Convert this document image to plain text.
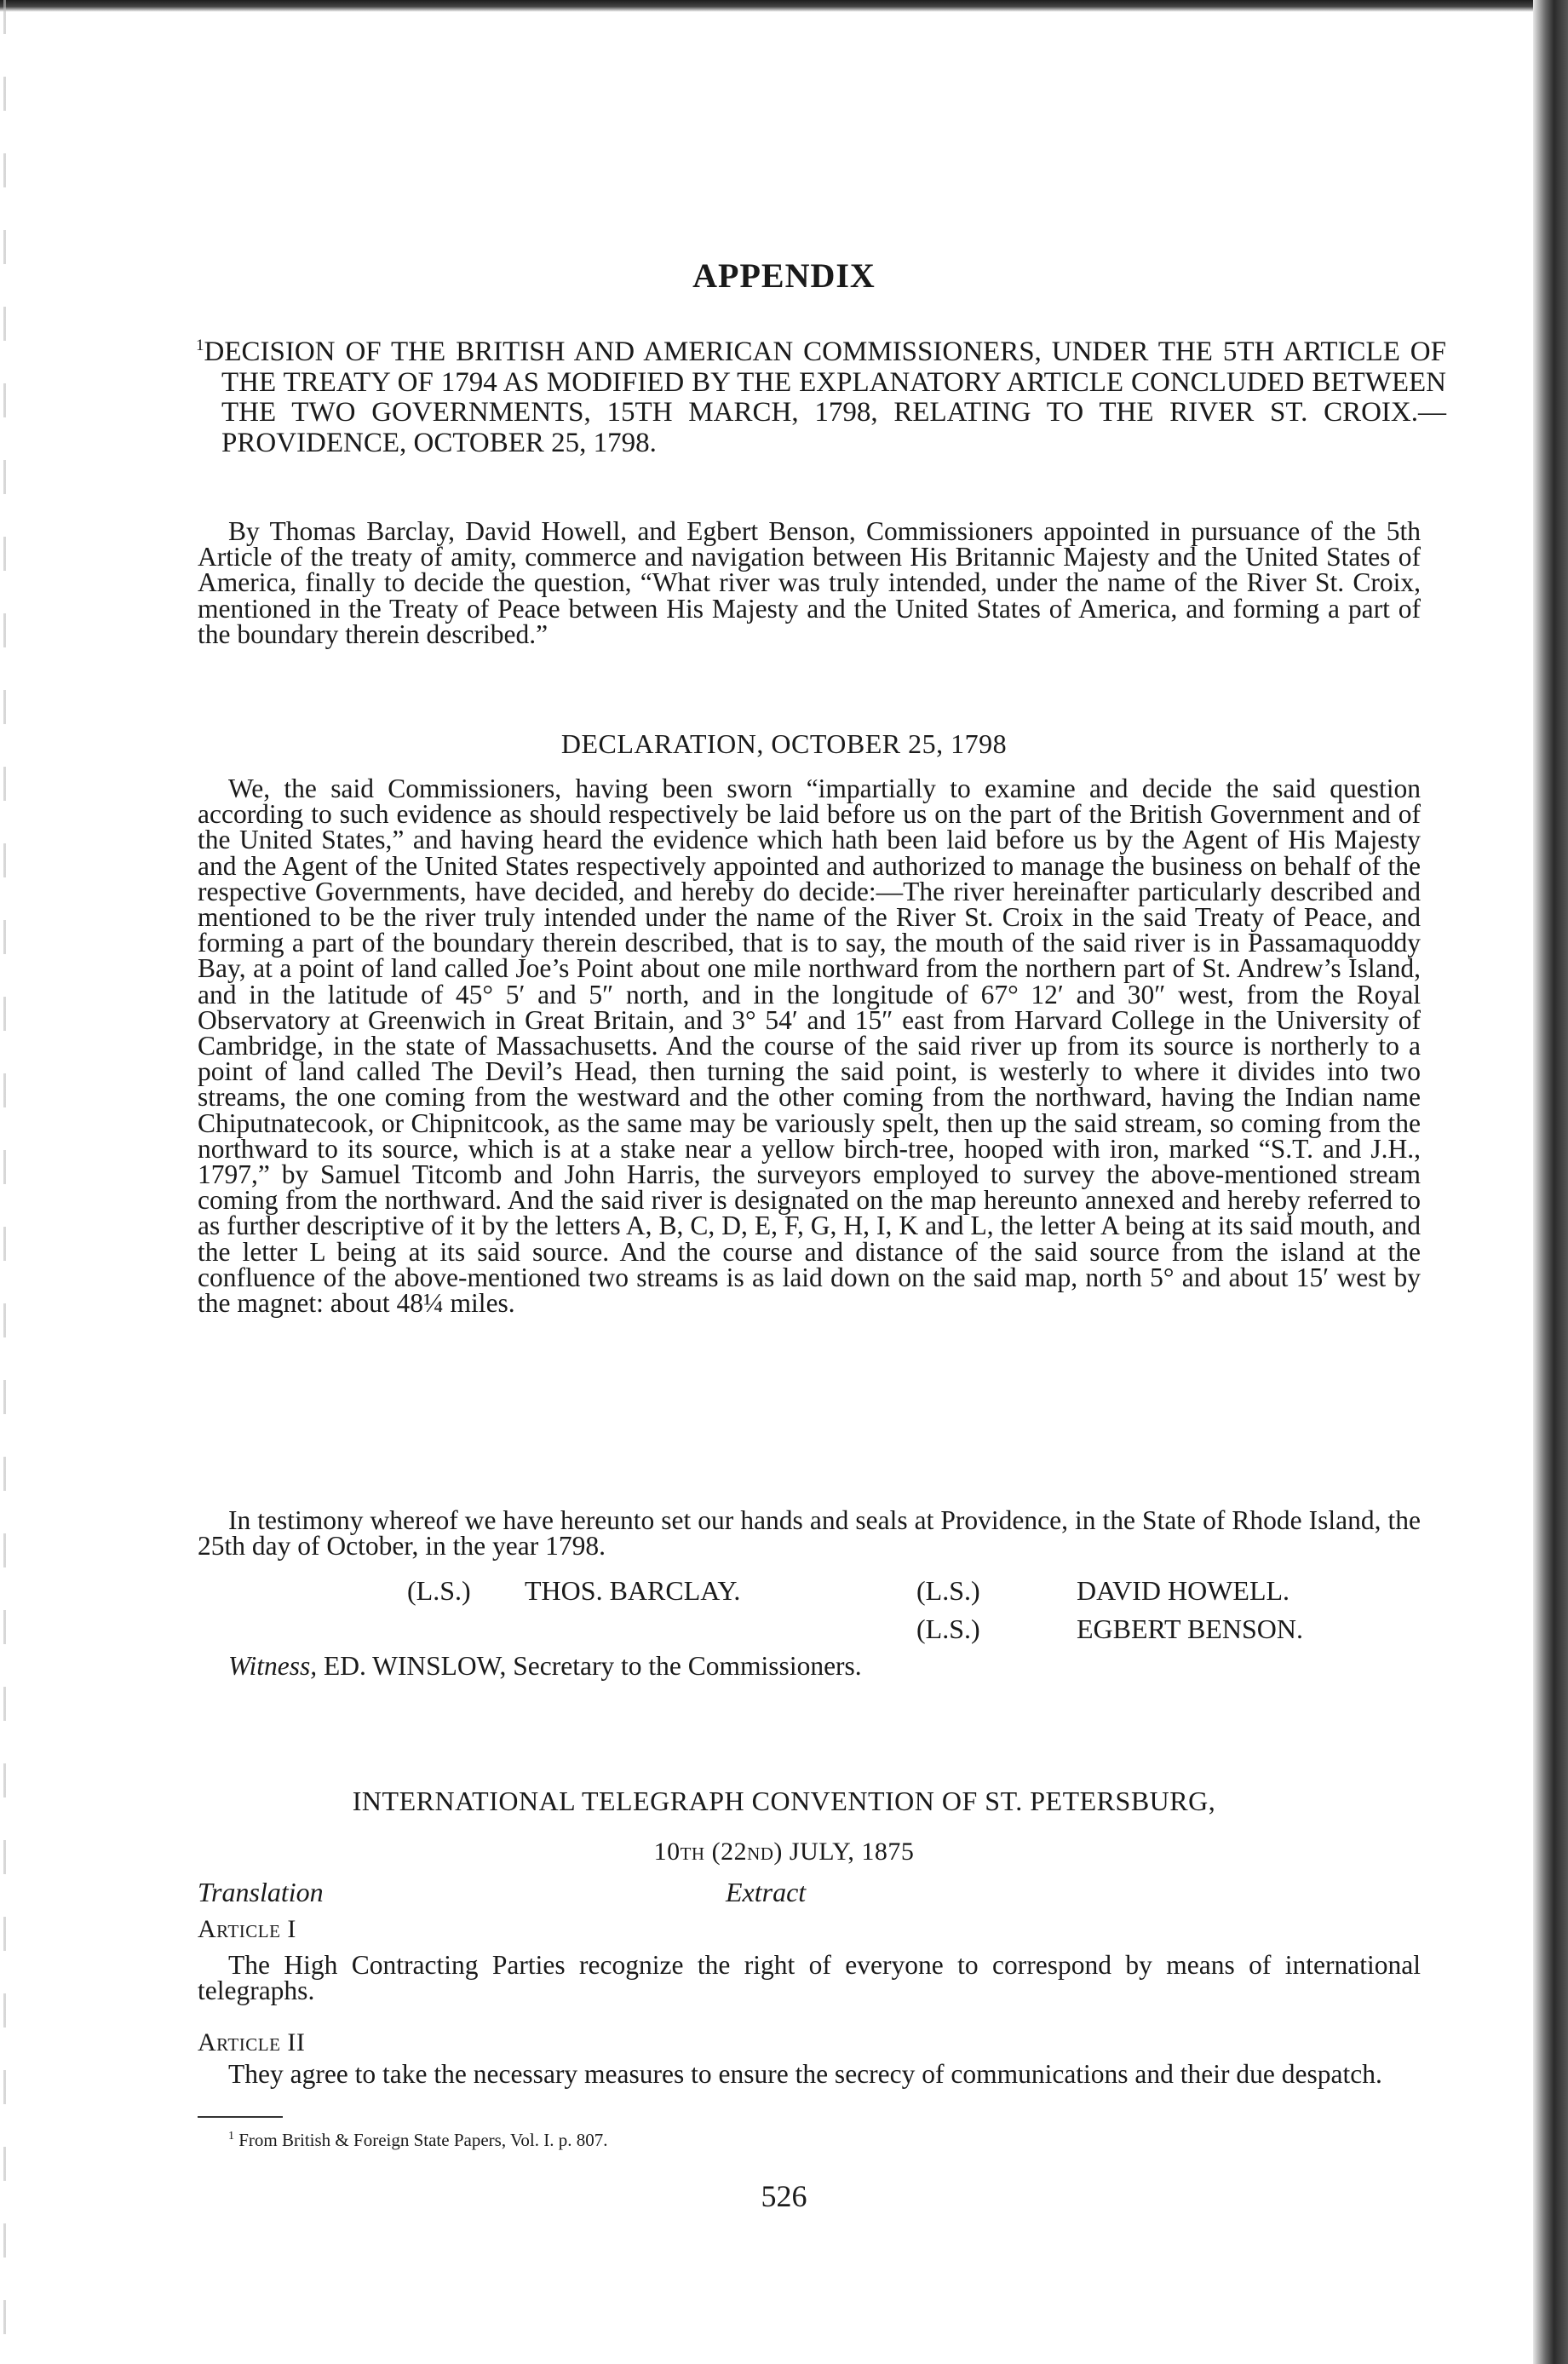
APPENDIX
$^1$DECISION OF THE BRITISH AND AMERICAN COMMISSIONERS, UNDER THE 5TH ARTICLE OF THE TREATY OF 1794 AS MODIFIED BY THE EXPLANATORY ARTICLE CONCLUDED BETWEEN THE TWO GOVERNMENTS, 15TH MARCH, 1798, RELATING TO THE RIVER ST. CROIX.—PROVIDENCE, OCTOBER 25, 1798.

By Thomas Barclay, David Howell, and Egbert Benson, Commissioners appointed in pursuance of the 5th Article of the treaty of amity, commerce and navigation between His Britannic Majesty and the United States of America, finally to decide the question, “What river was truly intended, under the name of the River St. Croix, mentioned in the Treaty of Peace between His Majesty and the United States of America, and forming a part of the boundary therein described.”

DECLARATION, OCTOBER 25, 1798

We, the said Commissioners, having been sworn “impartially to examine and decide the said question according to such evidence as should respectively be laid before us on the part of the British Government and of the United States,” and having heard the evidence which hath been laid before us by the Agent of His Majesty and the Agent of the United States respectively appointed and authorized to manage the business on behalf of the respective Governments, have decided, and hereby do decide:—The river hereinafter particularly described and mentioned to be the river truly intended under the name of the River St. Croix in the said Treaty of Peace, and forming a part of the boundary therein described, that is to say, the mouth of the said river is in Passamaquoddy Bay, at a point of land called Joe’s Point about one mile northward from the northern part of St. Andrew’s Island, and in the latitude of 45° 5′ and 5″ north, and in the longitude of 67° 12′ and 30″ west, from the Royal Observatory at Greenwich in Great Britain, and 3° 54′ and 15″ east from Harvard College in the University of Cambridge, in the state of Massachusetts. And the course of the said river up from its source is northerly to a point of land called The Devil’s Head, then turning the said point, is westerly to where it divides into two streams, the one coming from the westward and the other coming from the northward, having the Indian name Chiputnatecook, or Chipnitcook, as the same may be variously spelt, then up the said stream, so coming from the northward to its source, which is at a stake near a yellow birch-tree, hooped with iron, marked “S.T. and J.H., 1797,” by Samuel Titcomb and John Harris, the surveyors employed to survey the above-mentioned stream coming from the northward. And the said river is designated on the map hereunto annexed and hereby referred to as further descriptive of it by the letters A, B, C, D, E, F, G, H, I, K and L, the letter A being at its said mouth, and the letter L being at its said source. And the course and distance of the said source from the island at the confluence of the above-mentioned two streams is as laid down on the said map, north 5° and about 15′ west by the magnet: about 48¼ miles.

In testimony whereof we have hereunto set our hands and seals at Providence, in the State of Rhode Island, the 25th day of October, in the year 1798.

(L.S.) THOS. BARCLAY.	(L.S.)	DAVID HOWELL.
(L.S.)	EGBERT BENSON.
Witness, ED. WINSLOW, Secretary to the Commissioners.
INTERNATIONAL TELEGRAPH CONVENTION OF ST. PETERSBURG,
10th (22nd) JULY, 1875
Translation	Extract
Article I

The High Contracting Parties recognize the right of everyone to correspond by means of international telegraphs.

Article II

They agree to take the necessary measures to ensure the secrecy of communications and their due despatch.

$^1$ From British & Foreign State Papers, Vol. I. p. 807.
526
